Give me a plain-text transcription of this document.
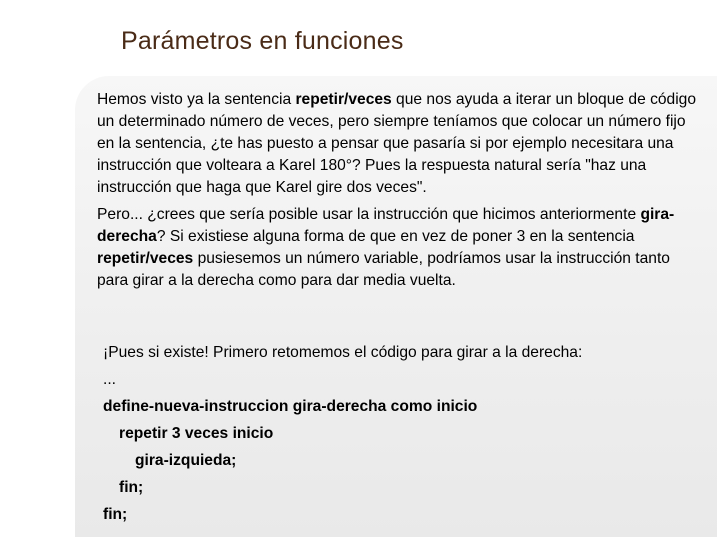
Parámetros en funciones

Hemos visto ya la sentencia repetir/veces que nos ayuda a iterar un bloque de código un determinado número de veces, pero siempre teníamos que colocar un número fijo en la sentencia, ¿te has puesto a pensar que pasaría si por ejemplo necesitara una instrucción que volteara a Karel 180°? Pues la respuesta natural sería "haz una instrucción que haga que Karel gire dos veces".

Pero... ¿crees que sería posible usar la instrucción que hicimos anteriormente gira-derecha? Si existiese alguna forma de que en vez de poner 3 en la sentencia repetir/veces pusiesemos un número variable, podríamos usar la instrucción tanto para girar a la derecha como para dar media vuelta.

¡Pues si existe! Primero retomemos el código para girar a la derecha:
...
define-nueva-instruccion gira-derecha como inicio
repetir 3 veces inicio
gira-izquieda;
fin;
fin;
